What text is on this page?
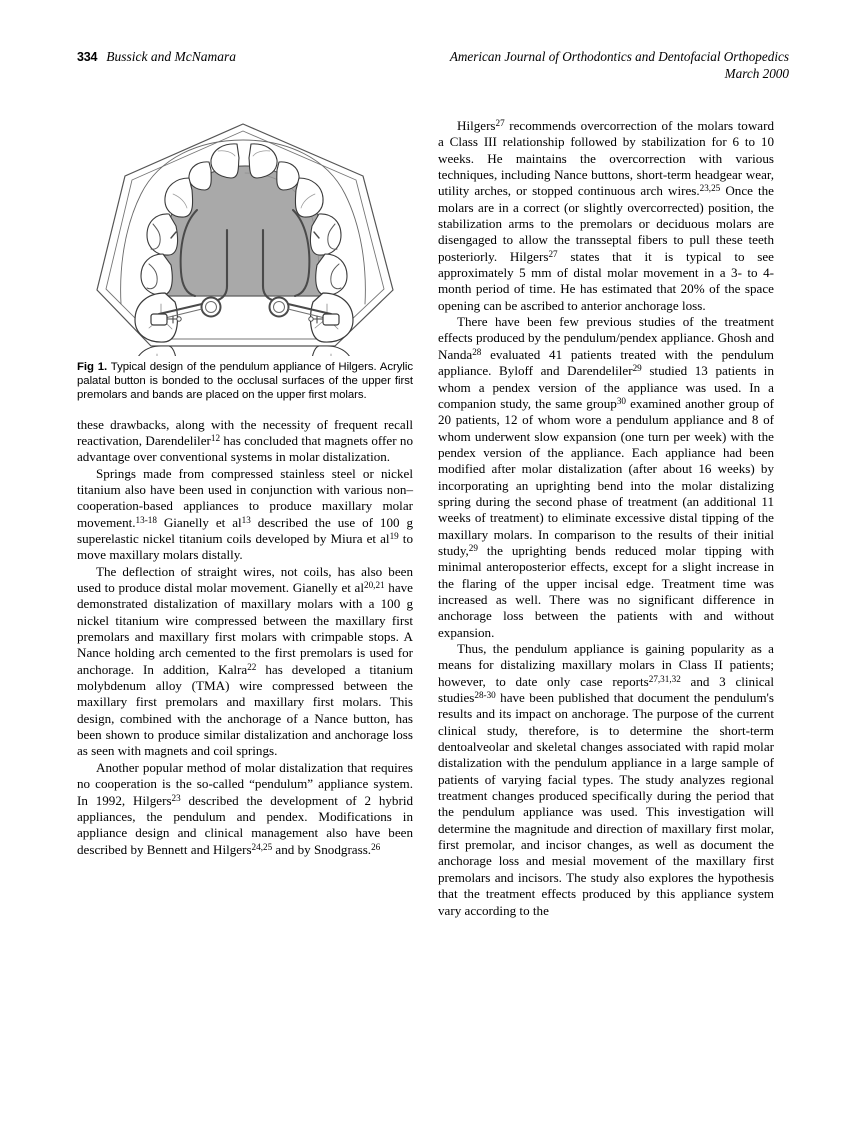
334 Bussick and McNamara	American Journal of Orthodontics and Dentofacial Orthopedics
March 2000
Fig 1. Typical design of the pendulum appliance of Hilgers. Acrylic palatal button is bonded to the occlusal surfaces of the upper first premolars and bands are placed on the upper first molars.

these drawbacks, along with the necessity of frequent recall reactivation, Darendeliler$^{12}$ has concluded that magnets offer no advantage over conventional systems in molar distalization.

Springs made from compressed stainless steel or nickel titanium also have been used in conjunction with various non–cooperation-based appliances to produce maxillary molar movement.$^{13-18}$ Gianelly et $al^{13}$ described the use of 100 g superelastic nickel titanium coils developed by Miura et $al^{19}$ to move maxillary molars distally.

The deflection of straight wires, not coils, has also been used to produce distal molar movement. Gianelly et al$^{20,21}$ have demonstrated distalization of maxillary molars with a 100 g nickel titanium wire compressed between the maxillary first premolars and maxillary first molars with crimpable stops. A Nance holding arch cemented to the first premolars is used for anchorage. In addition, Kalra$^{22}$ has developed a titanium molybdenum alloy (TMA) wire compressed between the maxillary first premolars and maxillary first molars. This design, combined with the anchorage of a Nance button, has been shown to produce similar distalization and anchorage loss as seen with magnets and coil springs.

Another popular method of molar distalization that requires no cooperation is the so-called “pendulum” appliance system. In 1992, Hilgers$^{23}$ described the development of 2 hybrid appliances, the pendulum and pendex. Modifications in appliance design and clinical management also have been described by Bennett and Hilgers$^{24,25}$ and by Snodgrass.$^{26}$

Hilgers$^{27}$ recommends overcorrection of the molars toward a Class III relationship followed by stabilization for 6 to 10 weeks. He maintains the overcorrection with various techniques, including Nance buttons, short-term headgear wear, utility arches, or stopped continuous arch wires.$^{23,25}$ Once the molars are in a correct (or slightly overcorrected) position, the stabilization arms to the premolars or deciduous molars are disengaged to allow the transseptal fibers to pull these teeth posteriorly. Hilgers$^{27}$ states that it is typical to see approximately 5 mm of distal molar movement in a 3- to 4-month period of time. He has estimated that 20% of the space opening can be ascribed to anterior anchorage loss.

There have been few previous studies of the treatment effects produced by the pendulum/pendex appliance. Ghosh and Nanda$^{28}$ evaluated 41 patients treated with the pendulum appliance. Byloff and Darendeliler$^{29}$ studied 13 patients in whom a pendex version of the appliance was used. In a companion study, the same group$^{30}$ examined another group of 20 patients, 12 of whom wore a pendulum appliance and 8 of whom underwent slow expansion (one turn per week) with the pendex version of the appliance. Each appliance had been modified after molar distalization (after about 16 weeks) by incorporating an uprighting bend into the molar distalizing spring during the second phase of treatment (an additional 11 weeks of treatment) to eliminate excessive distal tipping of the maxillary molars. In comparison to the results of their initial study,$^{29}$ the uprighting bends reduced molar tipping with minimal anteroposterior effects, except for a slight increase in the flaring of the upper incisal edge. Treatment time was increased as well. There was no significant difference in anchorage loss between the patients with and without expansion.

Thus, the pendulum appliance is gaining popularity as a means for distalizing maxillary molars in Class II patients; however, to date only case reports$^{27,31,32}$ and 3 clinical studies$^{28-30}$ have been published that document the pendulum's results and its impact on anchorage. The purpose of the current clinical study, therefore, is to determine the short-term dentoalveolar and skeletal changes associated with rapid molar distalization with the pendulum appliance in a large sample of patients of varying facial types. The study analyzes regional treatment changes produced specifically during the period that the pendulum appliance was used. This investigation will determine the magnitude and direction of maxillary first molar, first premolar, and incisor changes, as well as document the anchorage loss and mesial movement of the maxillary first premolars and incisors. The study also explores the hypothesis that the treatment effects produced by this appliance system vary according to the
